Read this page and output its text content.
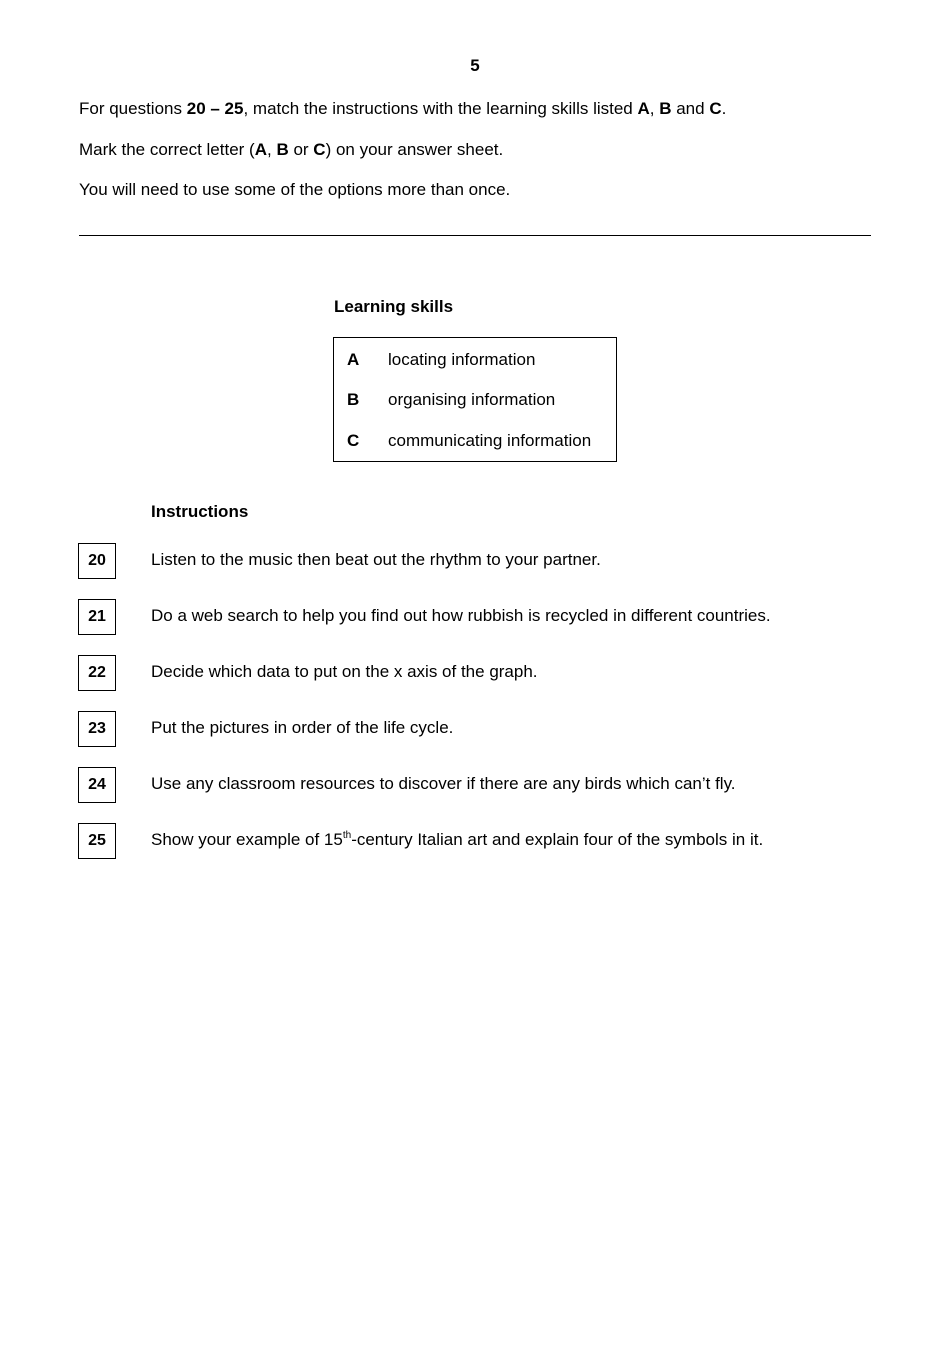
5

For questions 20 – 25, match the instructions with the learning skills listed A, B and C.

Mark the correct letter (A, B or C) on your answer sheet.

You will need to use some of the options more than once.

Learning skills
A locating information
B organising information
C communicating information
Instructions
20	Listen to the music then beat out the rhythm to your partner.
21	Do a web search to help you find out how rubbish is recycled in different countries.
22	Decide which data to put on the x axis of the graph.
23	Put the pictures in order of the life cycle.
24	Use any classroom resources to discover if there are any birds which can’t fly.
25	Show your example of 15th-century Italian art and explain four of the symbols in it.
